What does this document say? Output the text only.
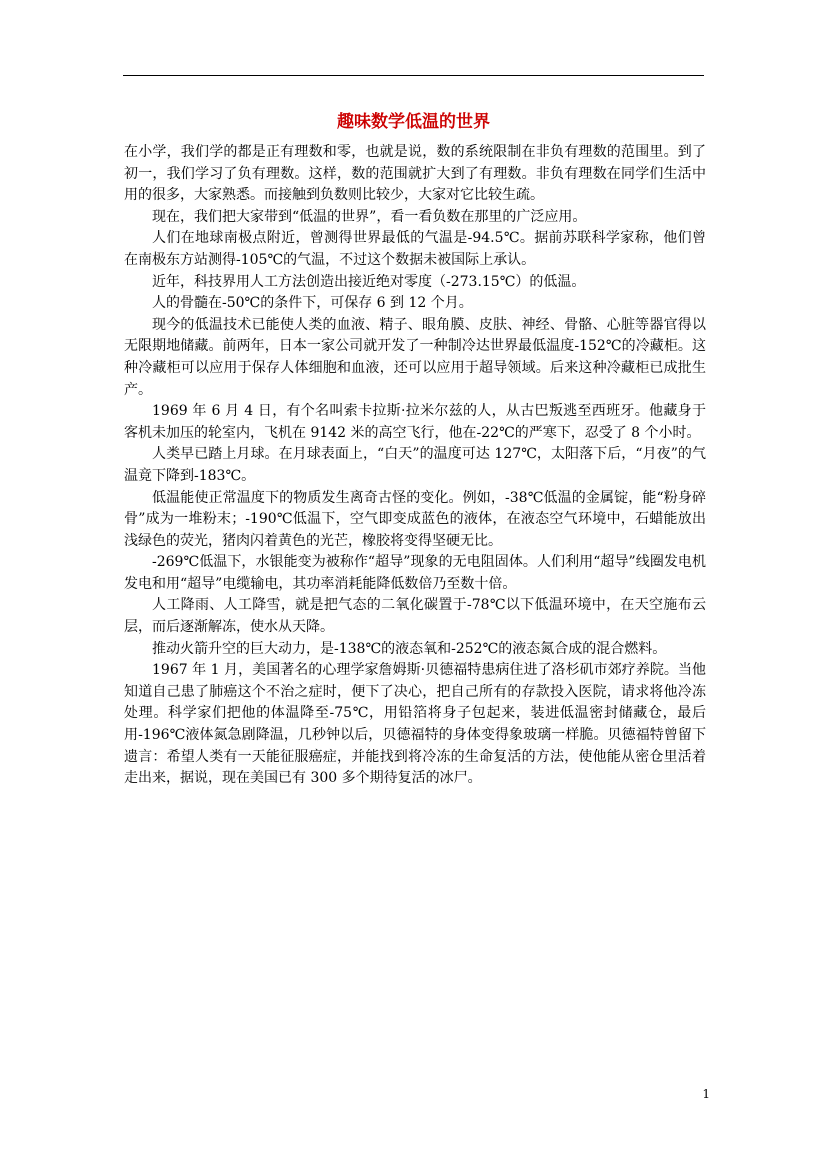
趣味数学低温的世界

在小学，我们学的都是正有理数和零，也就是说，数的系统限制在非负有理数的范围里。到了初一，我们学习了负有理数。这样，数的范围就扩大到了有理数。非负有理数在同学们生活中用的很多，大家熟悉。而接触到负数则比较少，大家对它比较生疏。

现在，我们把大家带到“低温的世界”，看一看负数在那里的广泛应用。

人们在地球南极点附近，曾测得世界最低的气温是-94.5℃。据前苏联科学家称，他们曾在南极东方站测得-105℃的气温，不过这个数据未被国际上承认。

近年，科技界用人工方法创造出接近绝对零度（-273.15℃）的低温。

人的骨髓在-50℃的条件下，可保存 6 到 12 个月。

现今的低温技术已能使人类的血液、精子、眼角膜、皮肤、神经、骨骼、心脏等器官得以无限期地储藏。前两年，日本一家公司就开发了一种制冷达世界最低温度-152℃的冷藏柜。这种冷藏柜可以应用于保存人体细胞和血液，还可以应用于超导领域。后来这种冷藏柜已成批生产。

1969 年 6 月 4 日，有个名叫索卡拉斯·拉米尔兹的人，从古巴叛逃至西班牙。他藏身于客机未加压的轮室内，飞机在 9142 米的高空飞行，他在-22℃的严寒下，忍受了 8 个小时。

人类早已踏上月球。在月球表面上，“白天”的温度可达 127℃，太阳落下后，“月夜”的气温竟下降到-183℃。

低温能使正常温度下的物质发生离奇古怪的变化。例如，-38℃低温的金属锭，能“粉身碎骨”成为一堆粉末；-190℃低温下，空气即变成蓝色的液体，在液态空气环境中，石蜡能放出浅绿色的荧光，猪肉闪着黄色的光芒，橡胶将变得坚硬无比。

-269℃低温下，水银能变为被称作“超导”现象的无电阻固体。人们利用“超导”线圈发电机发电和用“超导”电缆输电，其功率消耗能降低数倍乃至数十倍。

人工降雨、人工降雪，就是把气态的二氧化碳置于-78℃以下低温环境中，在天空施布云层，而后逐渐解冻，使水从天降。

推动火箭升空的巨大动力，是-138℃的液态氧和-252℃的液态氮合成的混合燃料。

1967 年 1 月，美国著名的心理学家詹姆斯·贝德福特患病住进了洛杉矶市郊疗养院。当他知道自己患了肺癌这个不治之症时，便下了决心，把自己所有的存款投入医院，请求将他冷冻处理。科学家们把他的体温降至-75℃，用铅箔将身子包起来，装进低温密封储藏仓，最后用-196℃液体氮急剧降温，几秒钟以后，贝德福特的身体变得象玻璃一样脆。贝德福特曾留下遗言：希望人类有一天能征服癌症，并能找到将冷冻的生命复活的方法，使他能从密仓里活着走出来，据说，现在美国已有 300 多个期待复活的冰尸。

1
